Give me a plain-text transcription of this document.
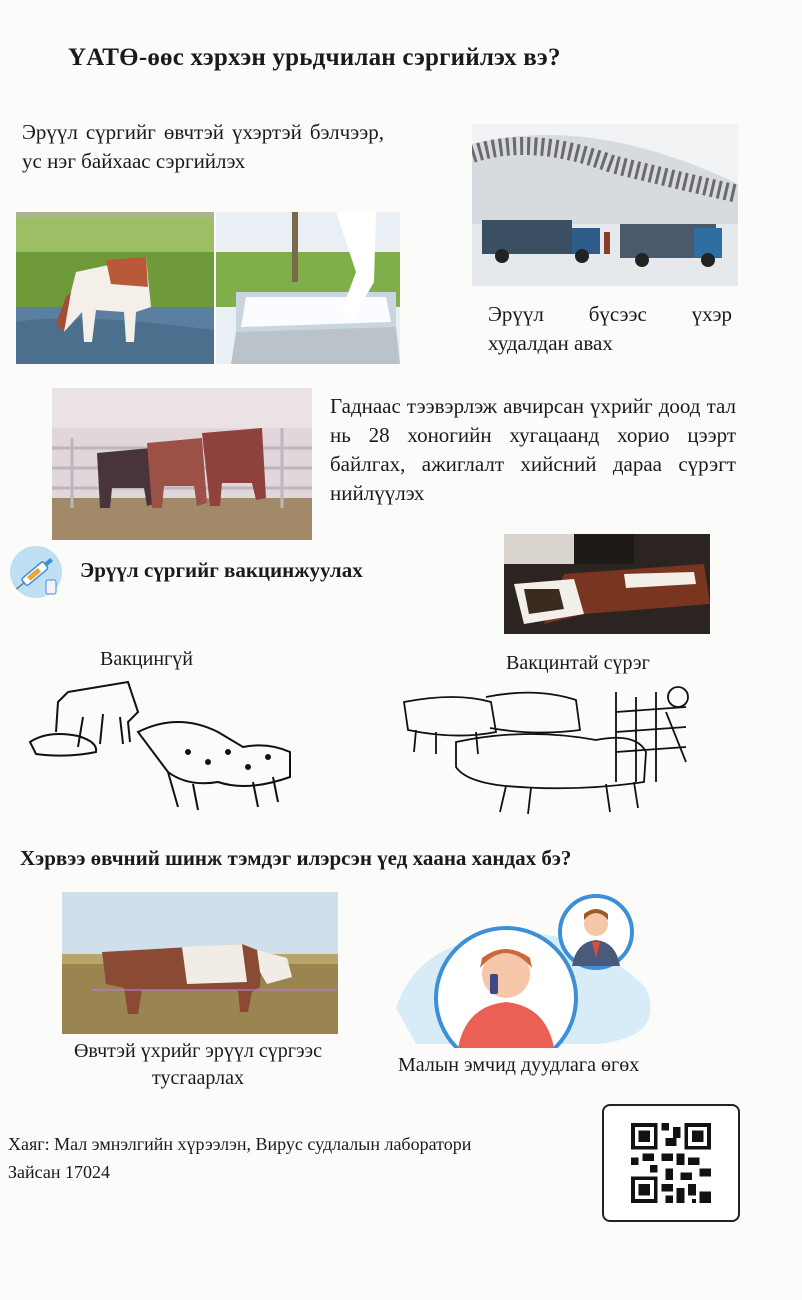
ҮАТӨ-өөс хэрхэн урьдчилан сэргийлэх вэ?
Эрүүл сүргийг өвчтэй үхэртэй бэлчээр, ус нэг байхаас сэргийлэх
Эрүүл бүсээс үхэр худалдан авах
Гаднаас тээвэрлэж авчирсан үхрийг доод тал нь 28 хоногийн хугацаанд хорио цээрт байлгах, ажиглалт хийсний дараа сүрэгт нийлүүлэх
Эрүүл сүргийг вакцинжуулах
Вакцингүй	Вакцинтай сүрэг
Хэрвээ өвчний шинж тэмдэг илэрсэн үед хаана хандах бэ?
Өвчтэй үхрийг эрүүл сүргээс тусгаарлах
Малын эмчид дуудлага өгөх
Хаяг: Мал эмнэлгийн хүрээлэн, Вирус судлалын лаборатори
Зайсан 17024
